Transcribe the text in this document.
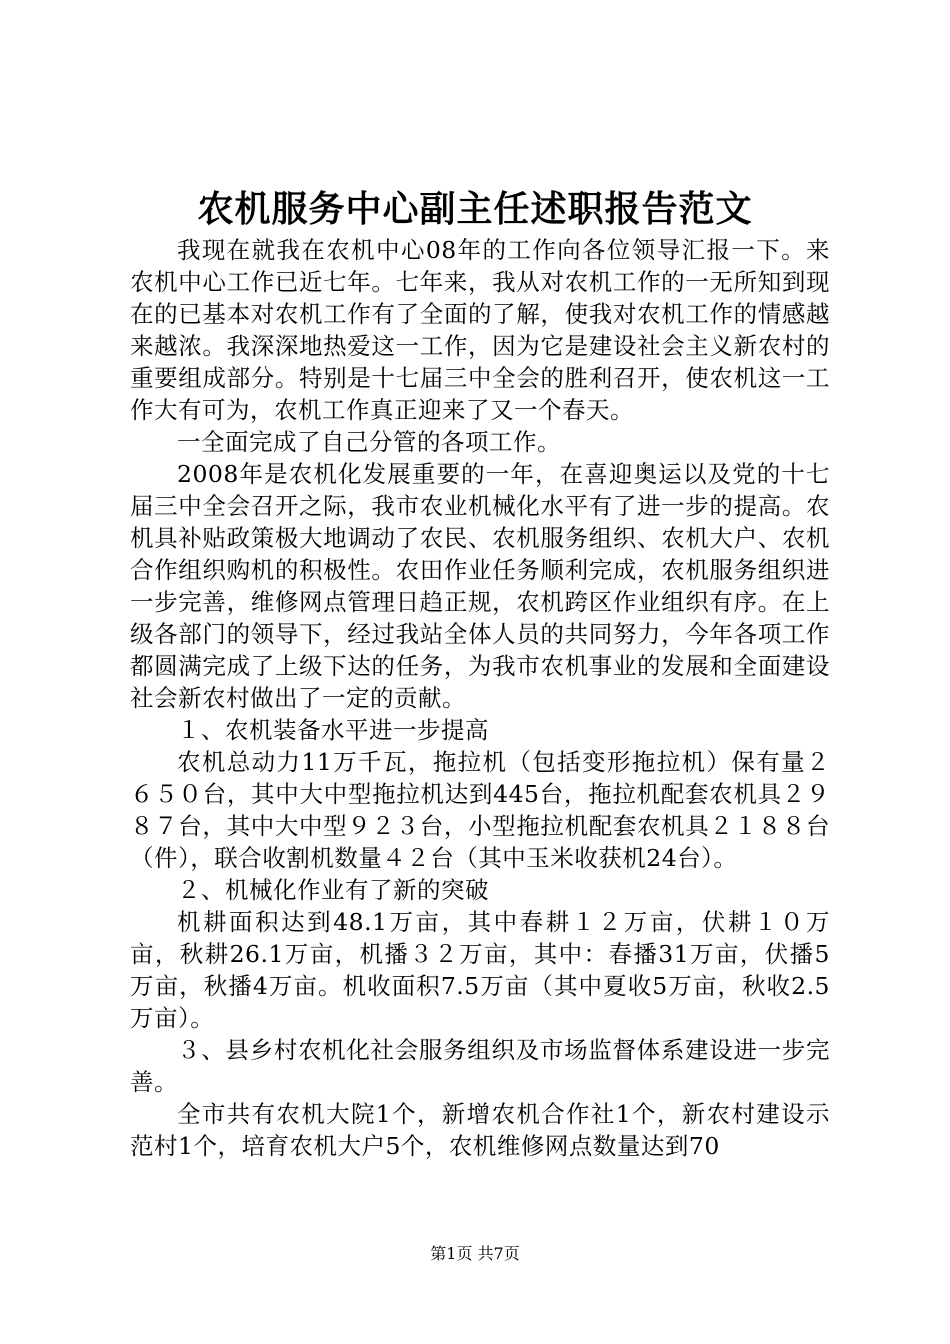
农机服务中心副主任述职报告范文

我现在就我在农机中心08年的工作向各位领导汇报一下。来农机中心工作已近七年。七年来，我从对农机工作的一无所知到现在的已基本对农机工作有了全面的了解，使我对农机工作的情感越来越浓。我深深地热爱这一工作，因为它是建设社会主义新农村的重要组成部分。特别是十七届三中全会的胜利召开，使农机这一工作大有可为，农机工作真正迎来了又一个春天。

一全面完成了自己分管的各项工作。

2008年是农机化发展重要的一年，在喜迎奥运以及党的十七届三中全会召开之际，我市农业机械化水平有了进一步的提高。农机具补贴政策极大地调动了农民、农机服务组织、农机大户、农机合作组织购机的积极性。农田作业任务顺利完成，农机服务组织进一步完善，维修网点管理日趋正规，农机跨区作业组织有序。在上级各部门的领导下，经过我站全体人员的共同努力，今年各项工作都圆满完成了上级下达的任务，为我市农机事业的发展和全面建设社会新农村做出了一定的贡献。

１、农机装备水平进一步提高

农机总动力11万千瓦，拖拉机（包括变形拖拉机）保有量２６５０台，其中大中型拖拉机达到445台，拖拉机配套农机具２９８７台，其中大中型９２３台，小型拖拉机配套农机具２１８８台（件），联合收割机数量４２台（其中玉米收获机24台）。

２、机械化作业有了新的突破

机耕面积达到48.1万亩，其中春耕１２万亩，伏耕１０万亩，秋耕26.1万亩，机播３２万亩，其中：春播31万亩，伏播5万亩，秋播4万亩。机收面积7.5万亩（其中夏收5万亩，秋收2.5万亩）。

３、县乡村农机化社会服务组织及市场监督体系建设进一步完善。

全市共有农机大院1个，新增农机合作社1个，新农村建设示范村1个，培育农机大户5个，农机维修网点数量达到70

第1页 共7页
